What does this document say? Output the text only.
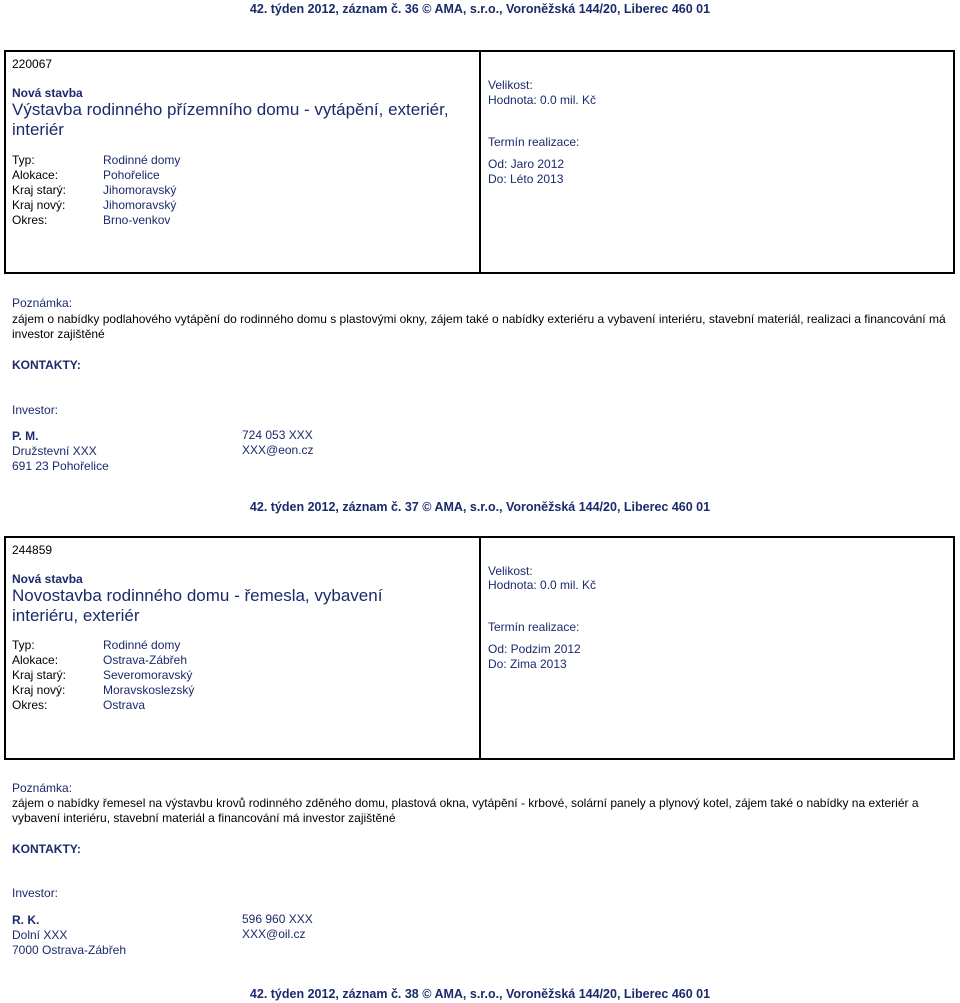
42. týden 2012, záznam č. 36 © AMA, s.r.o., Voroněžská 144/20, Liberec 460 01
220067
Nová stavba
Výstavba rodinného přízemního domu - vytápění, exteriér, interiér
Typ:	Rodinné domy
Alokace:	Pohořelice
Kraj starý:	Jihomoravský
Kraj nový:	Jihomoravský
Okres:	Brno-venkov
Velikost:
Hodnota: 0.0 mil. Kč
Termín realizace:
Od: Jaro 2012
Do: Léto 2013
Poznámka:
zájem o nabídky podlahového vytápění do rodinného domu s plastovými okny, zájem také o nabídky exteriéru a vybavení interiéru, stavební materiál, realizaci a financování má investor zajištěné
KONTAKTY:
Investor:
P. M.
Družstevní XXX
691 23 Pohořelice
724 053 XXX
XXX@eon.cz
42. týden 2012, záznam č. 37 © AMA, s.r.o., Voroněžská 144/20, Liberec 460 01
244859
Nová stavba
Novostavba rodinného domu - řemesla, vybavení interiéru, exteriér
Typ:	Rodinné domy
Alokace:	Ostrava-Zábřeh
Kraj starý:	Severomoravský
Kraj nový:	Moravskoslezský
Okres:	Ostrava
Velikost:
Hodnota: 0.0 mil. Kč
Termín realizace:
Od: Podzim 2012
Do: Zima 2013
Poznámka:
zájem o nabídky řemesel na výstavbu krovů rodinného zděného domu, plastová okna, vytápění - krbové, solární panely a plynový kotel, zájem také o nabídky na exteriér a vybavení interiéru, stavební materiál a financování má investor zajištěné
KONTAKTY:
Investor:
R. K.
Dolní XXX
7000 Ostrava-Zábřeh
596 960 XXX
XXX@oil.cz
42. týden 2012, záznam č. 38 © AMA, s.r.o., Voroněžská 144/20, Liberec 460 01
